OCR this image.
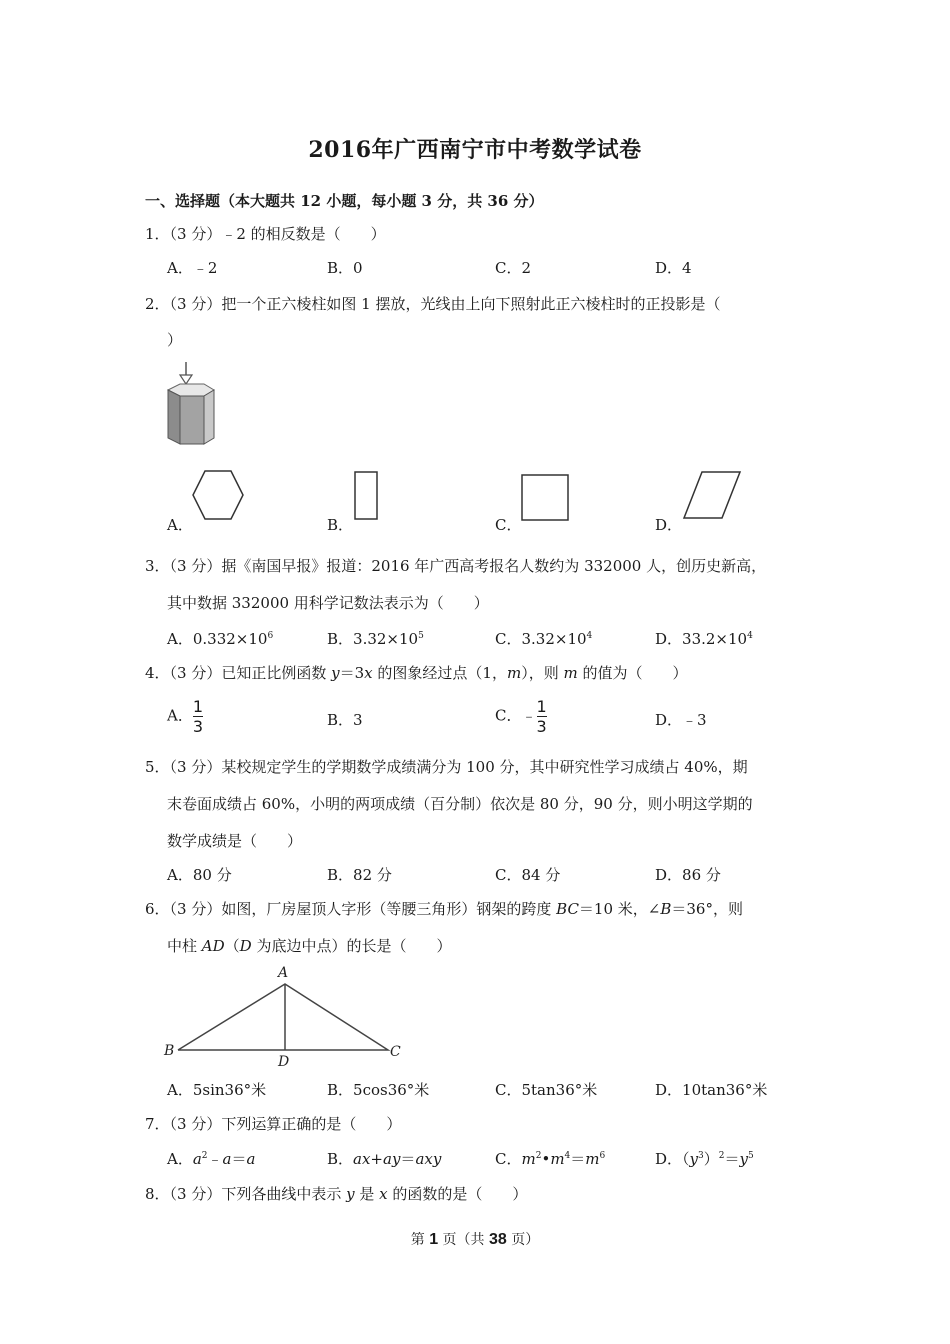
2016年广西南宁市中考数学试卷
一、选择题（本大题共 12 小题，每小题 3 分，共 36 分）
1．（3 分）﹣2 的相反数是（　　）
A．﹣2	B．0	C．2	D．4
2．（3 分）把一个正六棱柱如图 1 摆放，光线由上向下照射此正六棱柱时的正投影是（
）
A．	B．	C．	D．
3．（3 分）据《南国早报》报道：2016 年广西高考报名人数约为 332000 人，创历史新高，
其中数据 332000 用科学记数法表示为（　　）
A．$0.332\times 10^6$	B．$3.32\times 10^5$	C．$3.32\times 10^4$	D．$33.2\times 10^4$
4．（3 分）已知正比例函数 y＝3x 的图象经过点（1，m），则 m 的值为（　　）
A．$\frac{1}{3}$	B．3	C．$﹣\frac{1}{3}$	D．﹣3
5．（3 分）某校规定学生的学期数学成绩满分为 100 分，其中研究性学习成绩占 40%，期
末卷面成绩占 60%，小明的两项成绩（百分制）依次是 80 分，90 分，则小明这学期的
数学成绩是（　　）
A．80 分	B．82 分	C．84 分	D．86 分
6．（3 分）如图，厂房屋顶人字形（等腰三角形）钢架的跨度 BC＝10 米，∠B＝36°，则
中柱 AD（D 为底边中点）的长是（　　）
A
B	C
D
A．5sin36°米	B．5cos36°米	C．5tan36°米	D．10tan36°米
7．（3 分）下列运算正确的是（　　）
A．$a^2﹣a=a$	B．ax+ay＝axy	C．$m^2•m^4=m^6$	D．$(y^3)^2=y^5$
8．（3 分）下列各曲线中表示 y 是 x 的函数的是（　　）
第 1 页（共 38 页）
